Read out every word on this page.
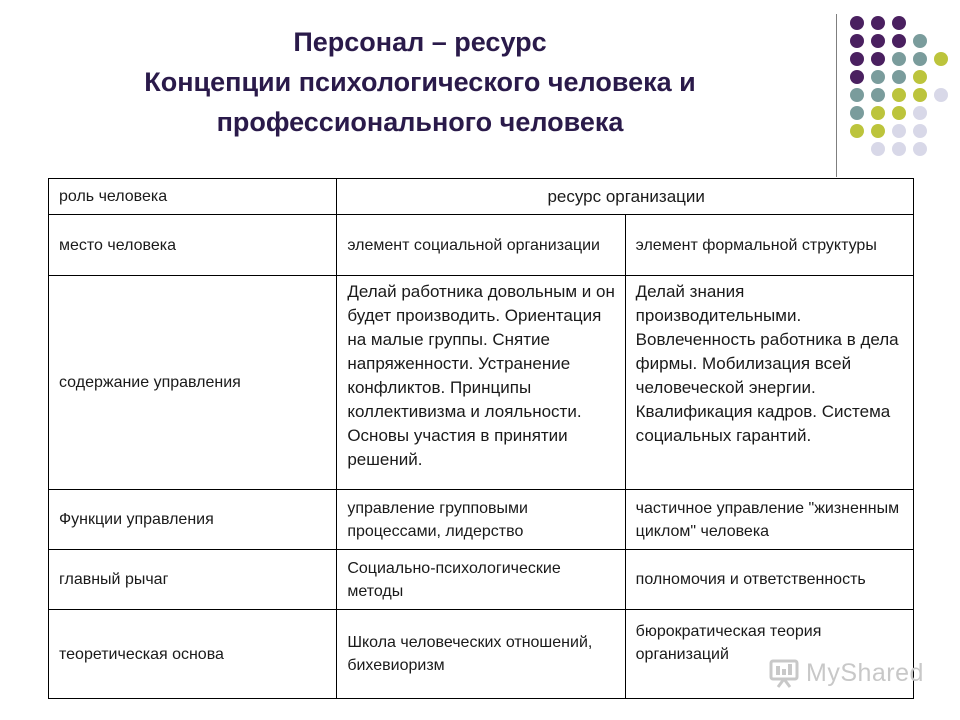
Персонал – ресурс
Концепции психологического человека и
профессионального человека
роль человека	ресурс организации	
место человека	элемент социальной организации	элемент формальной структуры
содержание управления	Делай работника довольным и он будет производить. Ориентация на малые группы. Снятие напряженности. Устранение конфликтов. Принципы коллективизма и лояльности. Основы участия в принятии решений.	Делай знания производительными. Вовлеченность работника в дела фирмы. Мобилизация всей человеческой энергии. Квалификация кадров. Система социальных гарантий.
Функции управления	управление групповыми процессами, лидерство	частичное управление "жизненным циклом" человека
главный рычаг	Социально-психологические методы	полномочия и ответственность
теоретическая основа	Школа человеческих отношений, бихевиоризм	бюрократическая теория организаций
MyShared
